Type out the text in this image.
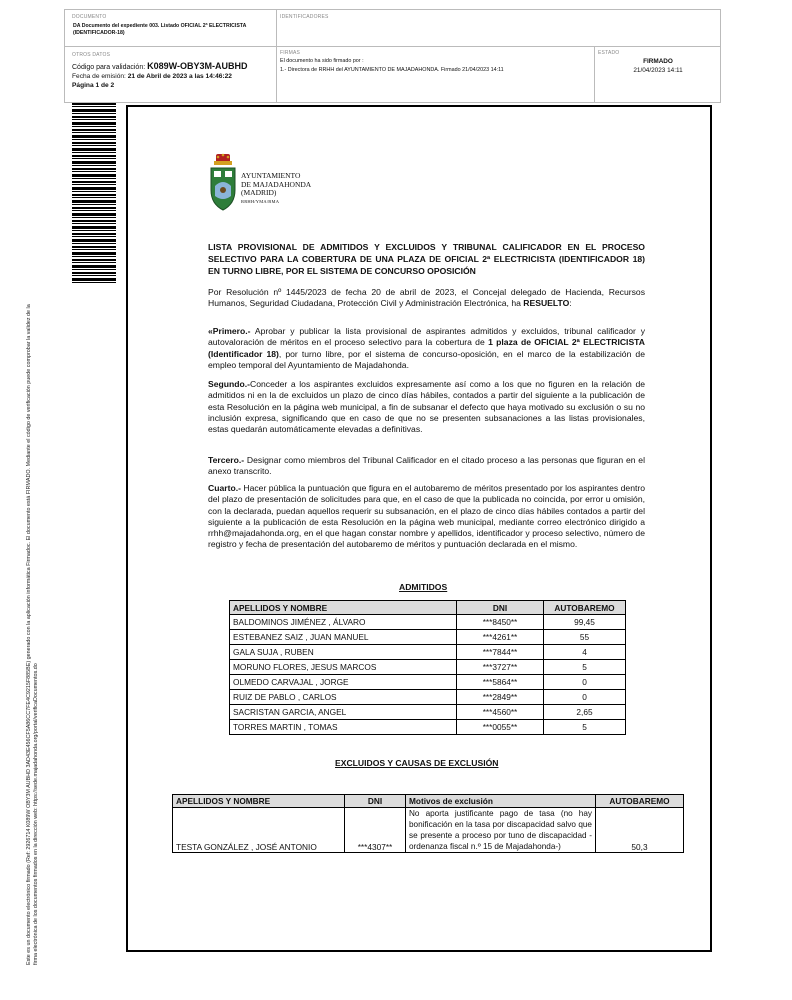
DOCUMENTO
DA Documento del expediente 003. Listado OFICIAL 2ª ELECTRICISTA (IDENTIFICADOR-18)
IDENTIFICADORES
OTROS DATOS
Código para validación: K089W-OBY3M-AUBHD
Fecha de emisión: 21 de Abril de 2023 a las 14:46:22
Página 1 de 2
FIRMAS
El documento ha sido firmado por :
1.- Directora de RRHH del AYUNTAMIENTO DE MAJADAHONDA. Firmado 21/04/2023 14:11
ESTADO
FIRMADO
21/04/2023 14:11
Este es un documento electrónico firmado (Ref: 2926714 K089W OBY3M AUBHD 3AD43E456CF5A86CC7FE4C9215F885BE) generado con la aplicación informática Firmadoc. El documento está FIRMADO. Mediante el código de verificación puede comprobar la validez de la firma electrónica de los documentos firmados en la dirección web: https://sede.majadahonda.org/portal/verificaDocumentos.do
AYUNTAMIENTO
DE MAJADAHONDA
(MADRID)
RRHH/YMA/BMA
LISTA PROVISIONAL DE ADMITIDOS Y EXCLUIDOS Y TRIBUNAL CALIFICADOR EN EL PROCESO SELECTIVO PARA LA COBERTURA DE UNA PLAZA DE OFICIAL 2ª ELECTRICISTA (IDENTIFICADOR 18) EN TURNO LIBRE, POR EL SISTEMA DE CONCURSO OPOSICIÓN
Por Resolución nº 1445/2023 de fecha 20 de abril de 2023, el Concejal delegado de Hacienda, Recursos Humanos, Seguridad Ciudadana, Protección Civil y Administración Electrónica, ha RESUELTO:
«Primero.- Aprobar y publicar la lista provisional de aspirantes admitidos y excluidos, tribunal calificador y autovaloración de méritos en el proceso selectivo para la cobertura de 1 plaza de OFICIAL 2ª ELECTRICISTA (Identificador 18), por turno libre, por el sistema de concurso-oposición, en el marco de la estabilización de empleo temporal del Ayuntamiento de Majadahonda.
Segundo.-Conceder a los aspirantes excluidos expresamente así como a los que no figuren en la relación de admitidos ni en la de excluidos un plazo de cinco días hábiles, contados a partir del siguiente a la publicación de esta Resolución en la página web municipal, a fin de subsanar el defecto que haya motivado su exclusión o su no inclusión expresa, significando que en caso de que no se presenten subsanaciones a las listas provisionales, estas quedarán automáticamente elevadas a definitivas.
Tercero.- Designar como miembros del Tribunal Calificador en el citado proceso a las personas que figuran en el anexo transcrito.
Cuarto.- Hacer pública la puntuación que figura en el autobaremo de méritos presentado por los aspirantes dentro del plazo de presentación de solicitudes para que, en el caso de que la publicada no coincida, por error u omisión, con la declarada, puedan aquellos requerir su subsanación, en el plazo de cinco días hábiles contados a partir del siguiente a la publicación de esta Resolución en la página web municipal, mediante correo electrónico dirigido a rrhh@majadahonda.org, en el que hagan constar nombre y apellidos, identificador y proceso selectivo, número de registro y fecha de presentación del autobaremo de méritos y puntuación declarada en el mismo.
ADMITIDOS
APELLIDOS Y NOMBRE	DNI	AUTOBAREMO
BALDOMINOS JIMÉNEZ , ÁLVARO	***8450**	99,45
ESTEBANEZ SAIZ , JUAN MANUEL	***4261**	55
GALA SUJA , RUBEN	***7844**	4
MORUNO FLORES, JESUS MARCOS	***3727**	5
OLMEDO CARVAJAL , JORGE	***5864**	0
RUIZ DE PABLO , CARLOS	***2849**	0
SACRISTAN GARCIA, ANGEL	***4560**	2,65
TORRES MARTIN , TOMAS	***0055**	5
EXCLUIDOS Y CAUSAS DE EXCLUSIÓN
APELLIDOS Y NOMBRE	DNI	Motivos de exclusión	AUTOBAREMO
TESTA GONZÁLEZ , JOSÉ ANTONIO	***4307**	No aporta justificante pago de tasa (no hay bonificación en la tasa por discapacidad salvo que se presente a proceso por tuno de discapacidad - ordenanza fiscal n.º 15 de Majadahonda-)	50,3
